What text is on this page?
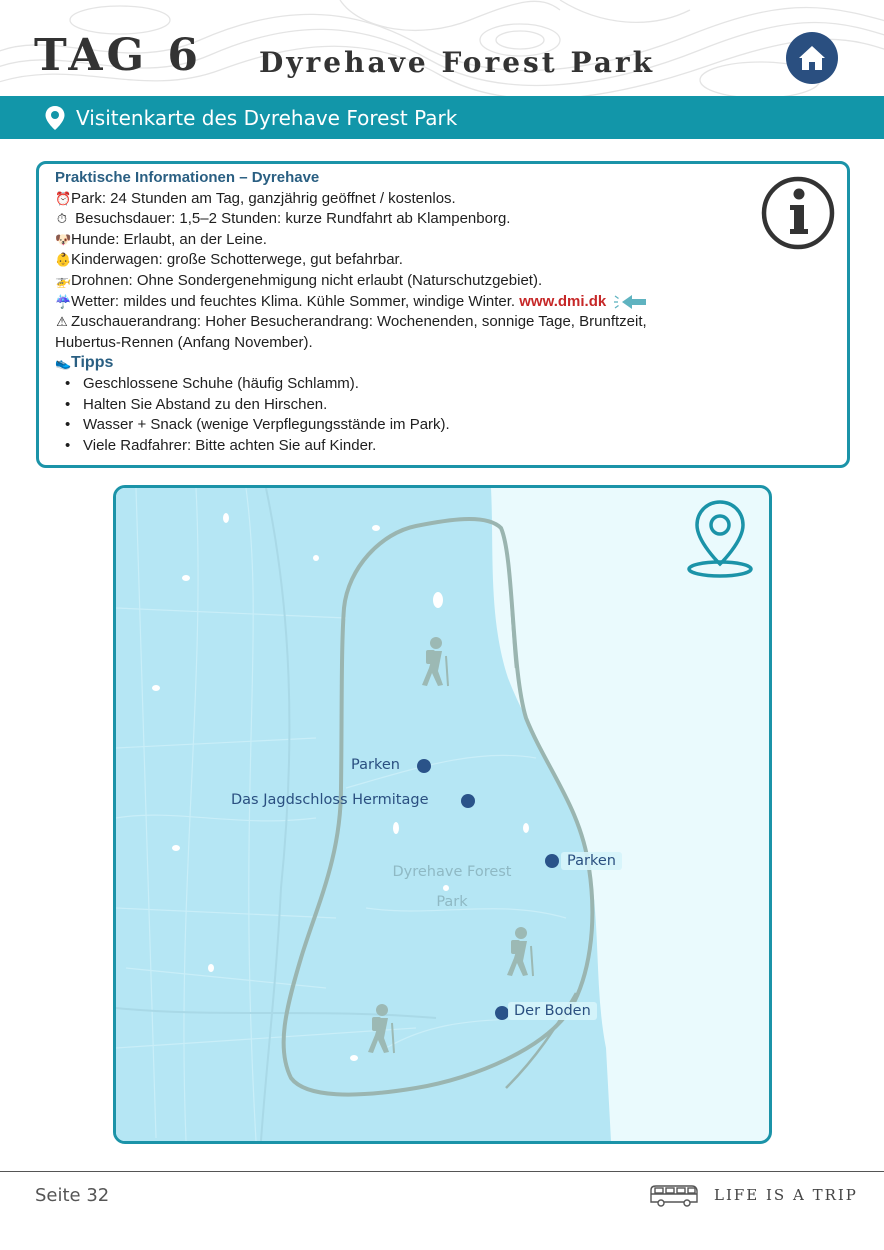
TAG 6 Dyrehave Forest Park
Visitenkarte des Dyrehave Forest Park
Praktische Informationen – Dyrehave
⏰Park: 24 Stunden am Tag, ganzjährig geöffnet / kostenlos.
⏱ Besuchsdauer: 1,5–2 Stunden: kurze Rundfahrt ab Klampenborg.
🐶Hunde: Erlaubt, an der Leine.
👶Kinderwagen: große Schotterwege, gut befahrbar.
🚁Drohnen: Ohne Sondergenehmigung nicht erlaubt (Naturschutzgebiet).
☔Wetter: mildes und feuchtes Klima. Kühle Sommer, windige Winter. www.dmi.dk
⚠ Zuschauerandrang: Hoher Besucherandrang: Wochenenden, sonnige Tage, Brunftzeit,
Hubertus-Rennen (Anfang November).
👟Tipps
• Geschlossene Schuhe (häufig Schlamm).
• Halten Sie Abstand zu den Hirschen.
• Wasser + Snack (wenige Verpflegungsstände im Park).
• Viele Radfahrer: Bitte achten Sie auf Kinder.
Parken
Das Jagdschloss Hermitage
Parken
Der Boden
Dyrehave Forest
Park
Seite 32	LIFE IS A TRIP
